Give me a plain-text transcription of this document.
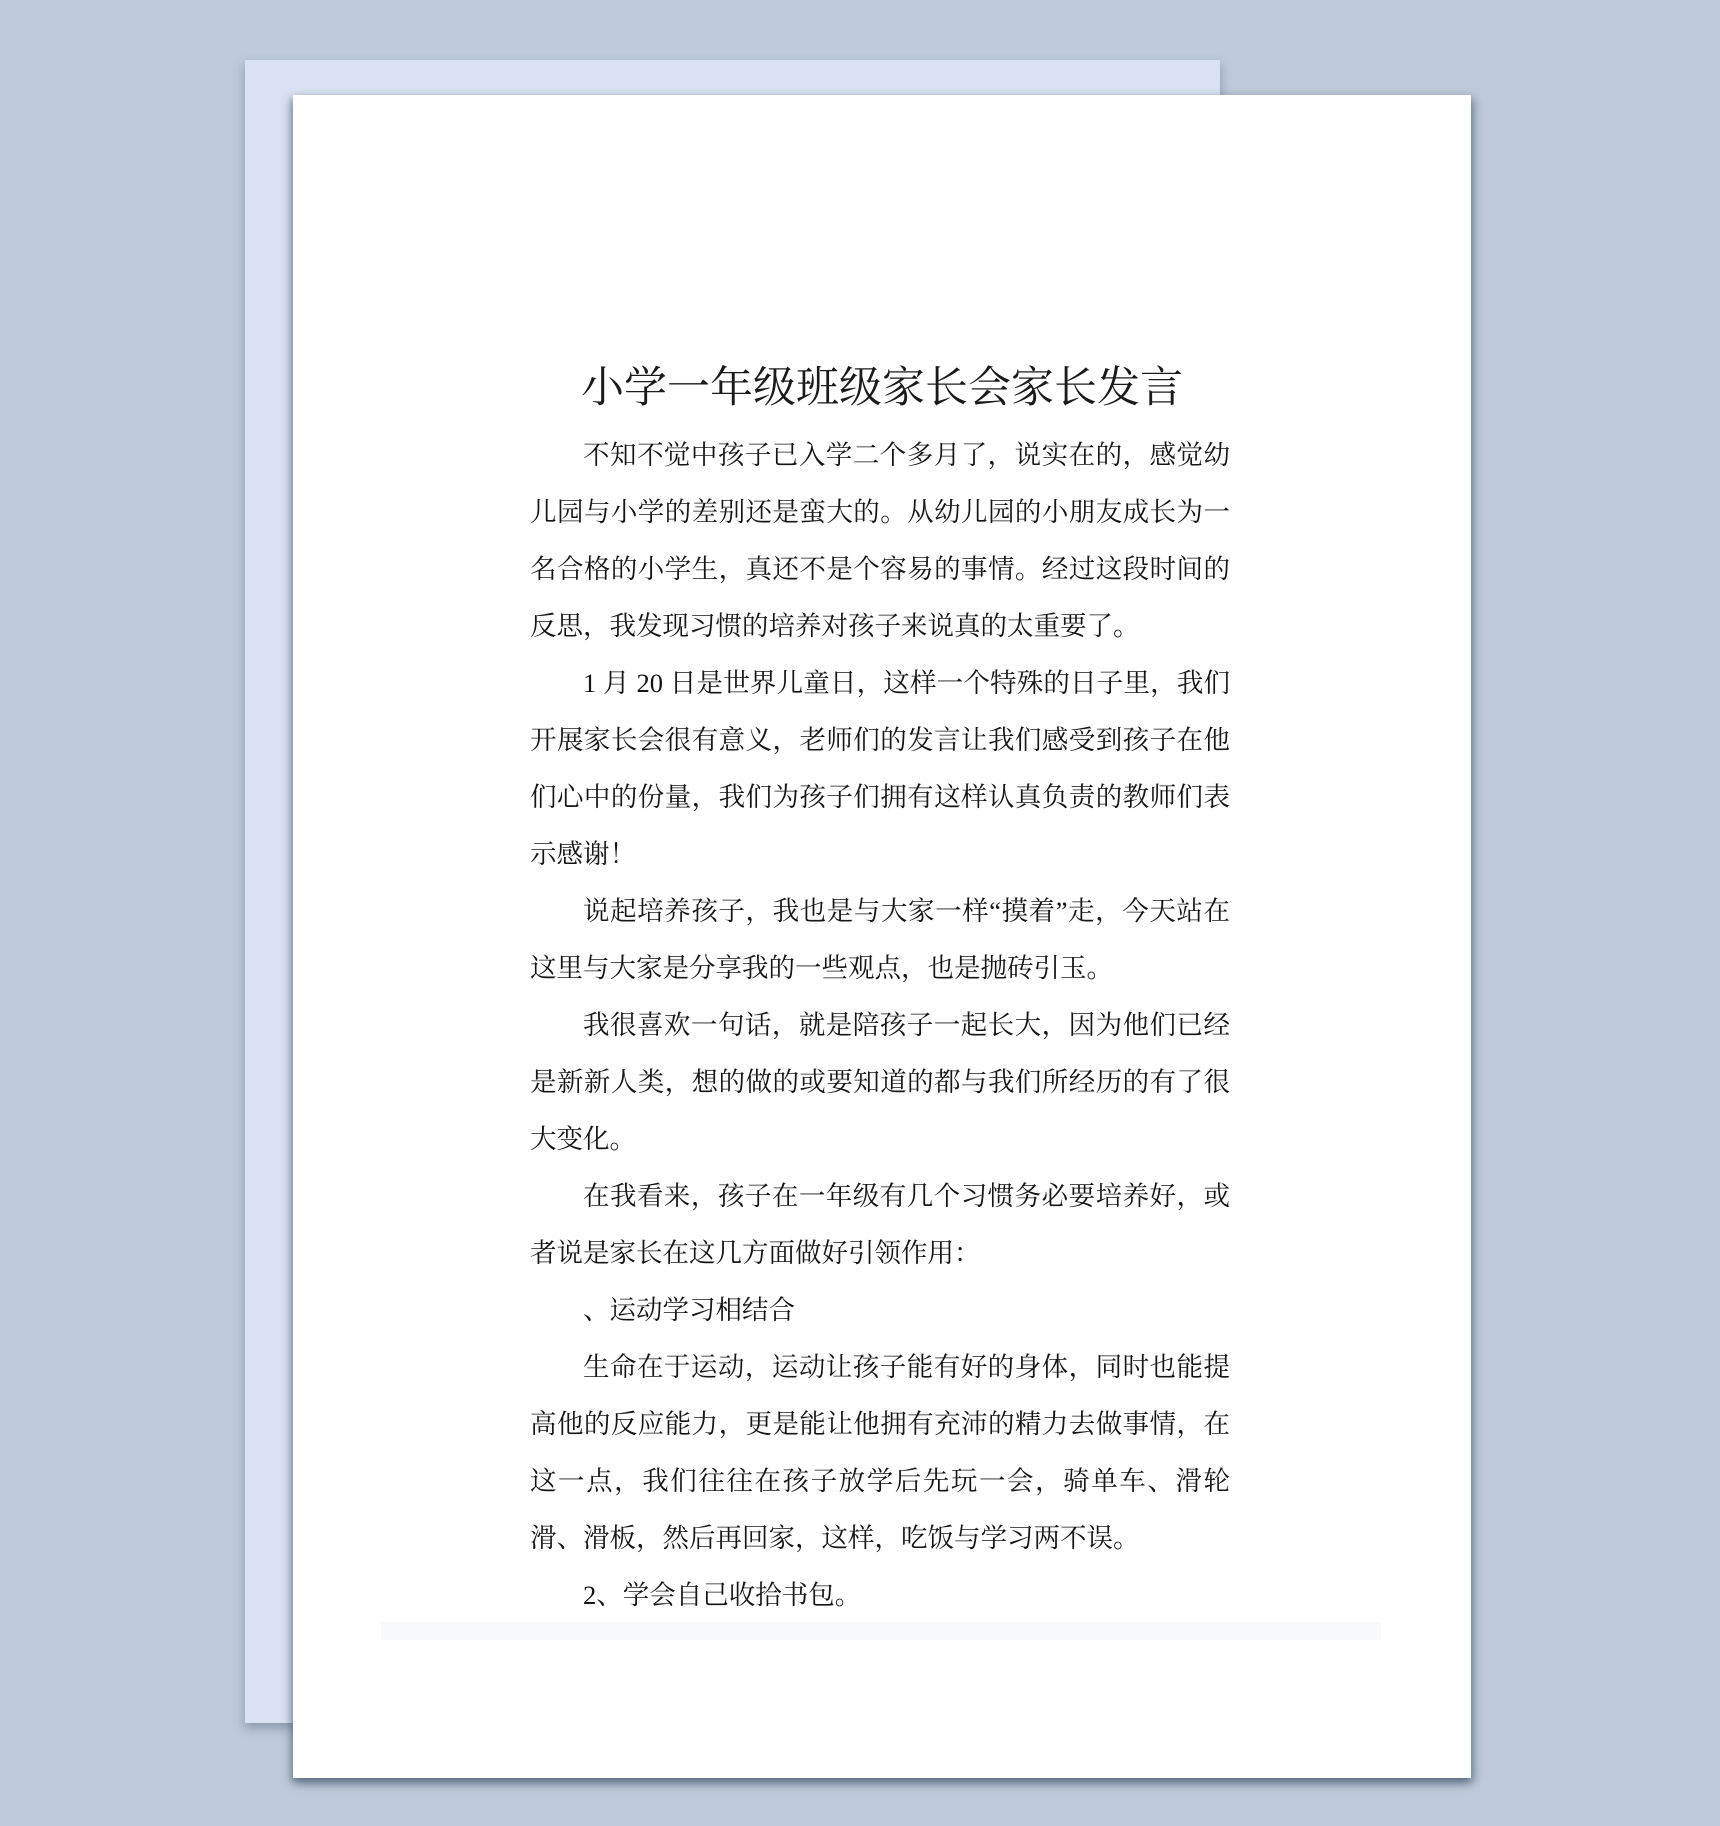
小学一年级班级家长会家长发言

不知不觉中孩子已入学二个多月了，说实在的，感觉幼儿园与小学的差别还是蛮大的。从幼儿园的小朋友成长为一名合格的小学生，真还不是个容易的事情。经过这段时间的反思，我发现习惯的培养对孩子来说真的太重要了。

1 月 20 日是世界儿童日，这样一个特殊的日子里，我们开展家长会很有意义，老师们的发言让我们感受到孩子在他们心中的份量，我们为孩子们拥有这样认真负责的教师们表示感谢！

说起培养孩子，我也是与大家一样“摸着”走，今天站在这里与大家是分享我的一些观点，也是抛砖引玉。

我很喜欢一句话，就是陪孩子一起长大，因为他们已经是新新人类，想的做的或要知道的都与我们所经历的有了很大变化。

在我看来，孩子在一年级有几个习惯务必要培养好，或者说是家长在这几方面做好引领作用：

、运动学习相结合

生命在于运动，运动让孩子能有好的身体，同时也能提高他的反应能力，更是能让他拥有充沛的精力去做事情，在这一点，我们往往在孩子放学后先玩一会，骑单车、滑轮滑、滑板，然后再回家，这样，吃饭与学习两不误。

2、学会自己收拾书包。
